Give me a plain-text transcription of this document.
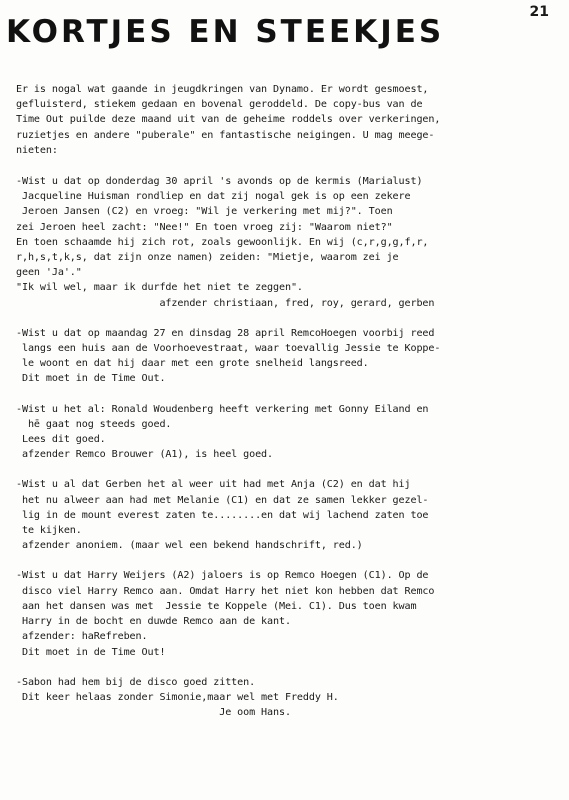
21
KORTJES EN STEEKJES
Er is nogal wat gaande in jeugdkringen van Dynamo. Er wordt gesmoest,
gefluisterd, stiekem gedaan en bovenal geroddeld. De copy-bus van de
Time Out puilde deze maand uit van de geheime roddels over verkeringen,
ruzietjes en andere "puberale" en fantastische neigingen. U mag meege-
nieten:
-Wist u dat op donderdag 30 april 's avonds op de kermis (Marialust)
Jacqueline Huisman rondliep en dat zij nogal gek is op een zekere
Jeroen Jansen (C2) en vroeg: "Wil je verkering met mij?". Toen
zei Jeroen heel zacht: "Nee!" En toen vroeg zij: "Waarom niet?"
En toen schaamde hij zich rot, zoals gewoonlijk. En wij (c,r,g,g,f,r,
r,h,s,t,k,s, dat zijn onze namen) zeiden: "Mietje, waarom zei je
geen 'Ja'."
"Ik wil wel, maar ik durfde het niet te zeggen".
afzender christiaan, fred, roy, gerard, gerben
-Wist u dat op maandag 27 en dinsdag 28 april RemcoHoegen voorbij reed
langs een huis aan de Voorhoevestraat, waar toevallig Jessie te Koppe-
le woont en dat hij daar met een grote snelheid langsreed.
Dit moet in de Time Out.
-Wist u het al: Ronald Woudenberg heeft verkering met Gonny Eiland en
hē gaat nog steeds goed.
Lees dit goed.
afzender Remco Brouwer (A1), is heel goed.
-Wist u al dat Gerben het al weer uit had met Anja (C2) en dat hij
het nu alweer aan had met Melanie (C1) en dat ze samen lekker gezel-
lig in de mount everest zaten te........en dat wij lachend zaten toe
te kijken.
afzender anoniem. (maar wel een bekend handschrift, red.)
-Wist u dat Harry Weijers (A2) jaloers is op Remco Hoegen (C1). Op de
disco viel Harry Remco aan. Omdat Harry het niet kon hebben dat Remco
aan het dansen was met  Jessie te Koppele (Mei. C1). Dus toen kwam
Harry in de bocht en duwde Remco aan de kant.
afzender: haRefreben.
Dit moet in de Time Out!
-Sabon had hem bij de disco goed zitten.
Dit keer helaas zonder Simonie,maar wel met Freddy H.
Je oom Hans.
